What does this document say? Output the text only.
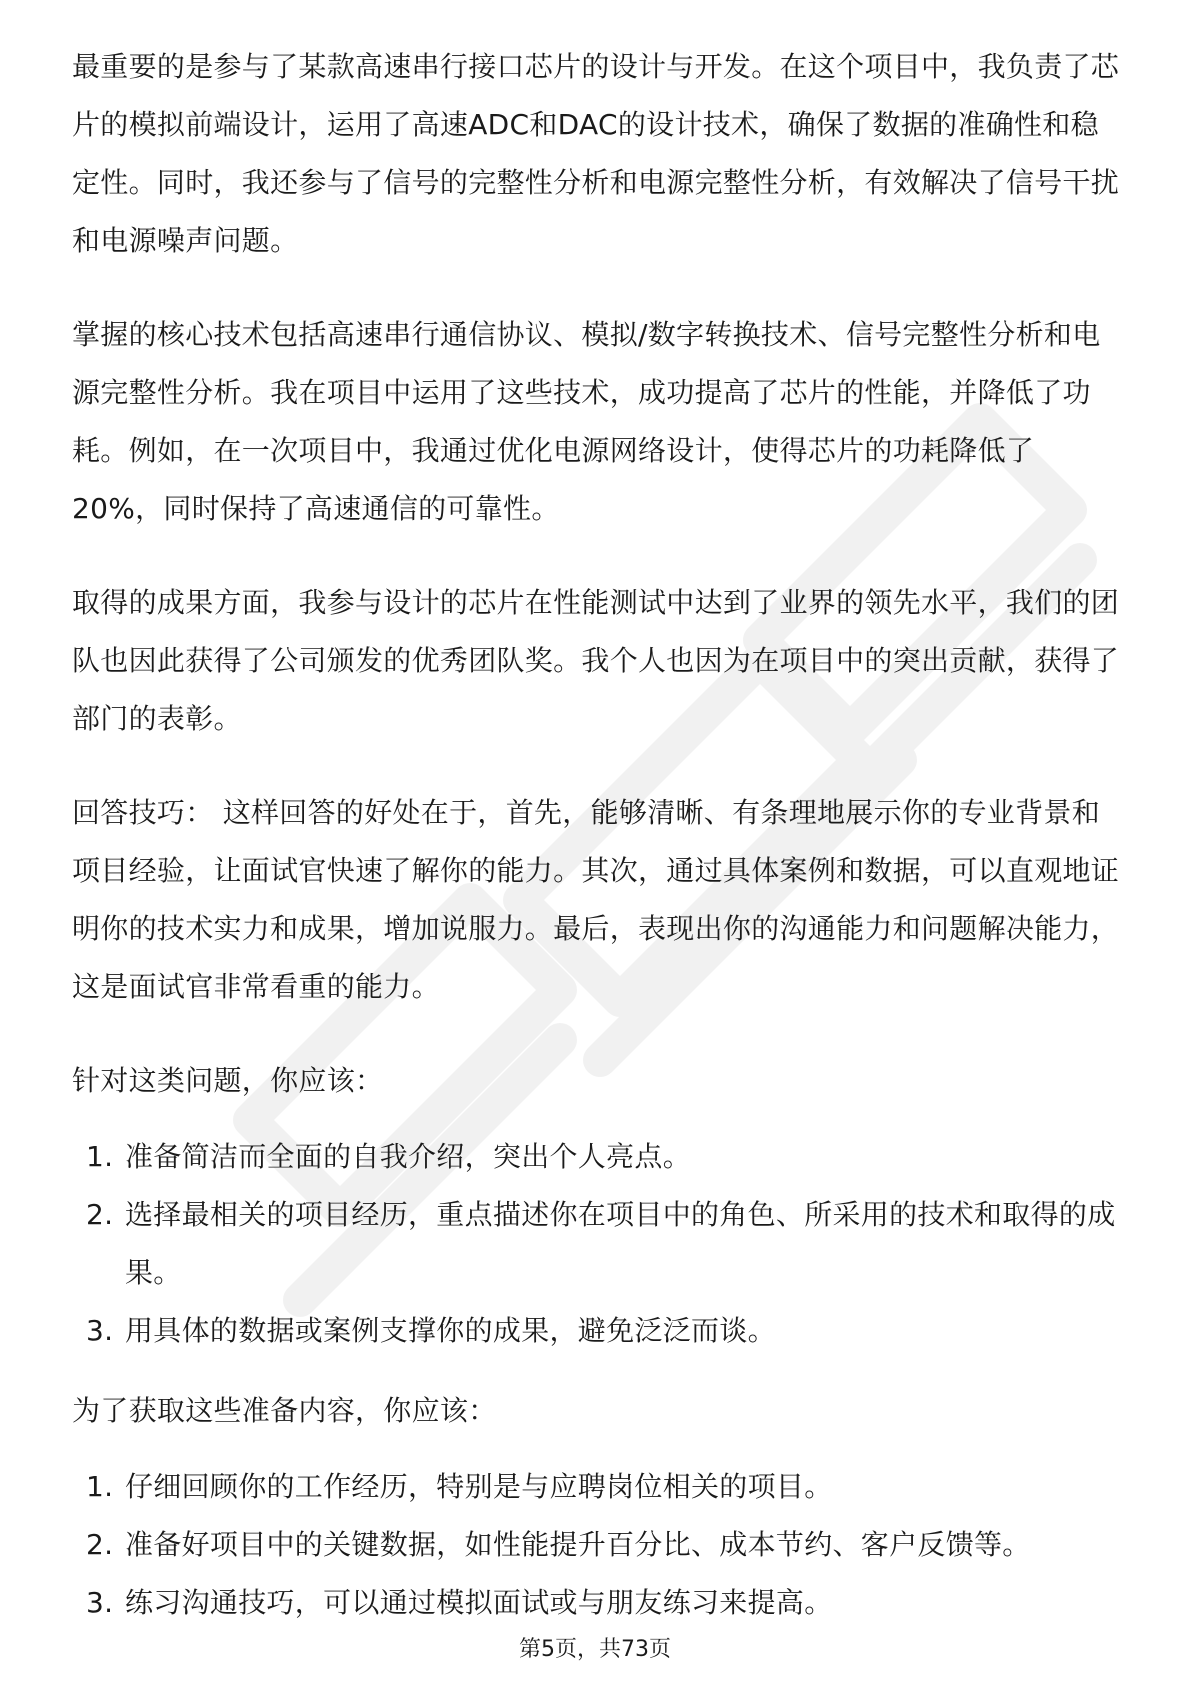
最重要的是参与了某款高速串行接口芯片的设计与开发。在这个项目中，我负责了芯片的模拟前端设计，运用了高速ADC和DAC的设计技术，确保了数据的准确性和稳定性。同时，我还参与了信号的完整性分析和电源完整性分析，有效解决了信号干扰和电源噪声问题。

掌握的核心技术包括高速串行通信协议、模拟/数字转换技术、信号完整性分析和电源完整性分析。我在项目中运用了这些技术，成功提高了芯片的性能，并降低了功耗。例如，在一次项目中，我通过优化电源网络设计，使得芯片的功耗降低了20%，同时保持了高速通信的可靠性。

取得的成果方面，我参与设计的芯片在性能测试中达到了业界的领先水平，我们的团队也因此获得了公司颁发的优秀团队奖。我个人也因为在项目中的突出贡献，获得了部门的表彰。

回答技巧： 这样回答的好处在于，首先，能够清晰、有条理地展示你的专业背景和项目经验，让面试官快速了解你的能力。其次，通过具体案例和数据，可以直观地证明你的技术实力和成果，增加说服力。最后，表现出你的沟通能力和问题解决能力，这是面试官非常看重的能力。

针对这类问题，你应该：

1. 准备简洁而全面的自我介绍，突出个人亮点。
2. 选择最相关的项目经历，重点描述你在项目中的角色、所采用的技术和取得的成果。
3. 用具体的数据或案例支撑你的成果，避免泛泛而谈。

为了获取这些准备内容，你应该：

1. 仔细回顾你的工作经历，特别是与应聘岗位相关的项目。
2. 准备好项目中的关键数据，如性能提升百分比、成本节约、客户反馈等。
3. 练习沟通技巧，可以通过模拟面试或与朋友练习来提高。
第5页，共73页
